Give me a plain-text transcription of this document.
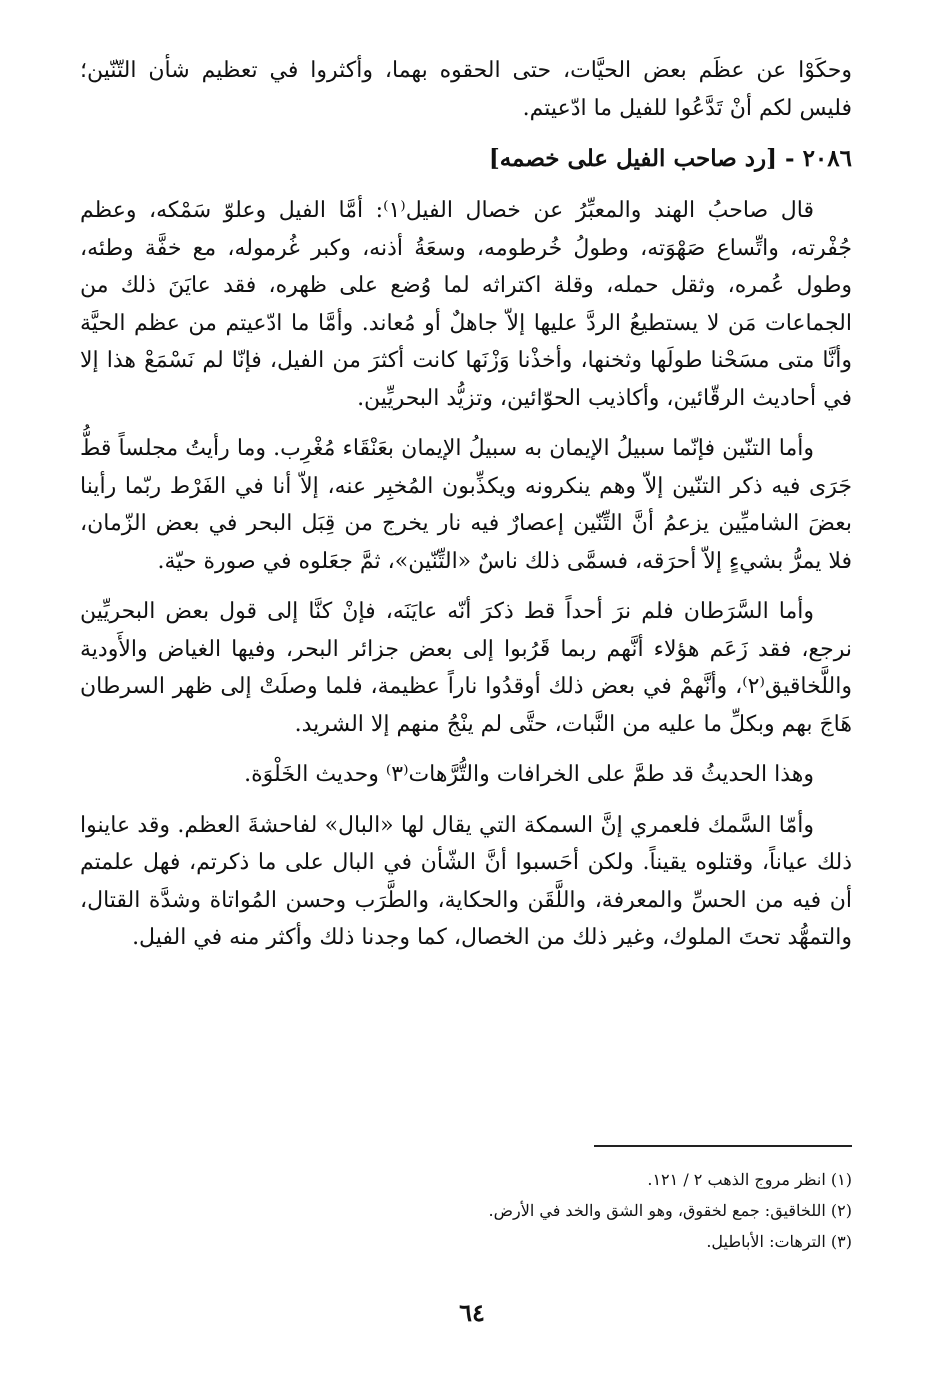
وحكَوْا عن عظَم بعض الحيَّات، حتى الحقوه بهما، وأكثروا في تعظيم شأن التّنّين؛ فليس لكم أنْ تَدَّعُوا للفيل ما ادّعيتم.

٢٠٨٦ - [رد صاحب الفيل على خصمه]

قال صاحبُ الهند والمعبِّرُ عن خصال الفيل⁽١⁾: أمَّا الفيل وعلوّ سَمْكه، وعظم جُفْرته، واتِّساع صَهْوَته، وطولُ خُرطومه، وسعَةُ أذنه، وكبر غُرموله، مع خفَّة وطئه، وطول عُمره، وثقل حمله، وقلة اكتراثه لما وُضع على ظهره، فقد عايَنَ ذلك من الجماعات مَن لا يستطيعُ الردَّ عليها إلاّ جاهلٌ أو مُعاند. وأمَّا ما ادّعيتم من عظم الحيَّة وأنَّا متى مسَحْنا طولَها وثخنها، وأخذْنا وَزْنَها كانت أكثرَ من الفيل، فإنّا لم نَسْمَعْ هذا إلا في أحاديث الرقّائين، وأكاذيب الحوّائين، وتزيُّد البحريِّين.

وأما التنّين فإنّما سبيلُ الإيمان به سبيلُ الإيمان بعَنْقَاء مُغْرِب. وما رأيتُ مجلساً قطُّ جَرَى فيه ذكر التنّين إلاّ وهم ينكرونه ويكذِّبون المُخبِر عنه، إلاّ أنا في الفَرْط ربّما رأينا بعضَ الشاميِّين يزعمُ أنَّ التِّنّين إعصارٌ فيه نار يخرج من قِبَل البحر في بعض الزّمان، فلا يمرُّ بشيءٍ إلاّ أحرَقه، فسمَّى ذلك ناسٌ «التِّنّين»، ثمَّ جعَلوه في صورة حيّة.

وأما السَّرَطان فلم نرَ أحداً قط ذكرَ أنّه عايَنَه، فإنْ كنَّا إلى قول بعض البحريِّين نرجع، فقد زَعَم هؤلاء أنَّهم ربما قَرُبوا إلى بعض جزائر البحر، وفيها الغياض والأَودية واللَّخاقيق⁽٢⁾، وأنَّهمْ في بعض ذلك أوقدُوا ناراً عظيمة، فلما وصلَتْ إلى ظهر السرطان هَاجَ بهم وبكلِّ ما عليه من النَّبات، حتَّى لم ينْجُ منهم إلا الشريد.

وهذا الحديثُ قد طمَّ على الخرافات والتُّرَّهات⁽٣⁾ وحديث الخَلْوَة.

وأمّا السَّمك فلعمري إنَّ السمكة التي يقال لها «البال» لفاحشةَ العظم. وقد عاينوا ذلك عياناً، وقتلوه يقيناً. ولكن أحَسبوا أنَّ الشّأن في البال على ما ذكرتم، فهل علمتم أن فيه من الحسِّ والمعرفة، واللَّقَن والحكاية، والطَّرَب وحسن المُواتاة وشدَّة القتال، والتمهُّد تحتَ الملوك، وغير ذلك من الخصال، كما وجدنا ذلك وأكثر منه في الفيل.

(١) انظر مروج الذهب ٢ / ١٢١.

(٢) اللخاقيق: جمع لخقوق، وهو الشق والخد في الأرض.

(٣) الترهات: الأباطيل.

٦٤
